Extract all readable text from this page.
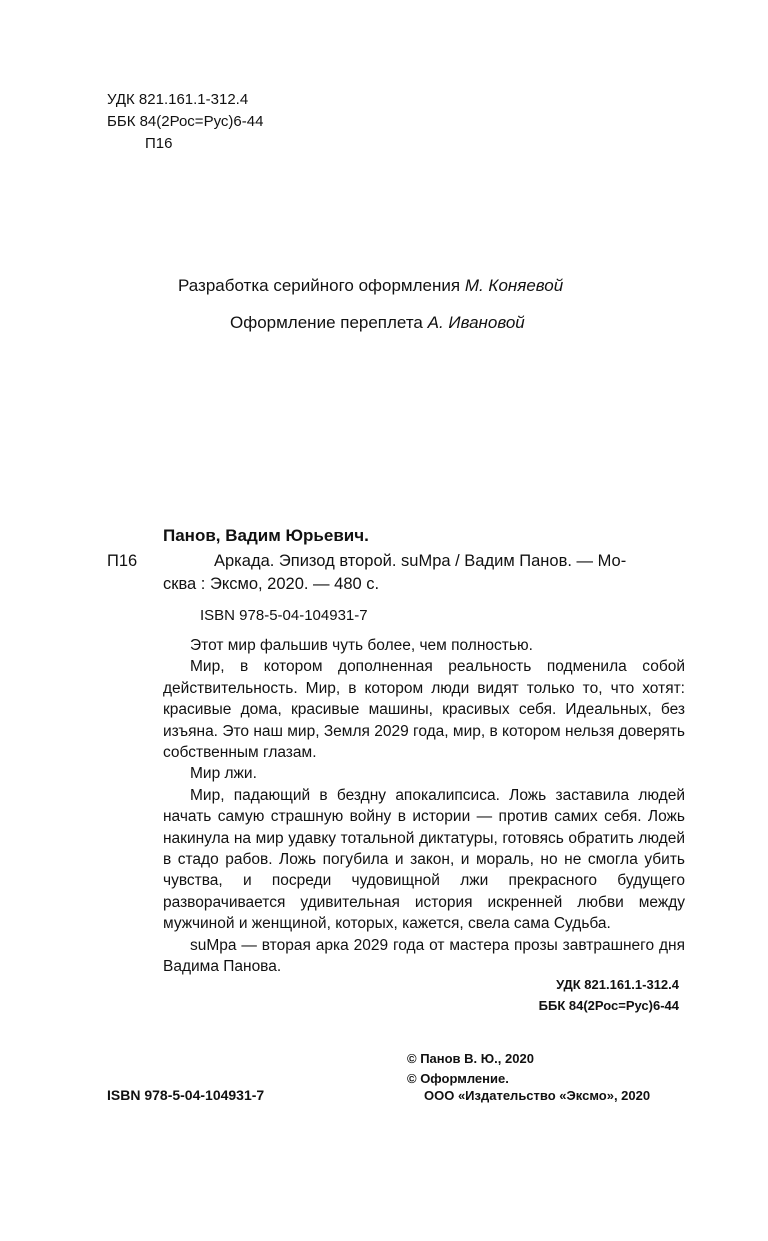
УДК 821.161.1-312.4
ББК 84(2Рос=Рус)6-44
П16
Разработка серийного оформления М. Коняевой
Оформление переплета А. Ивановой
Панов, Вадим Юрьевич.
П16	Аркада. Эпизод второй. suMpa / Вадим Панов. — Мо-
сква : Эксмо, 2020. — 480 с.
ISBN 978-5-04-104931-7

Этот мир фальшив чуть более, чем полностью.

Мир, в котором дополненная реальность подменила собой действительность. Мир, в котором люди видят только то, что хотят: красивые дома, красивые машины, красивых себя. Идеальных, без изъяна. Это наш мир, Земля 2029 года, мир, в котором нельзя доверять собственным глазам.

Мир лжи.

Мир, падающий в бездну апокалипсиса. Ложь заставила людей начать самую страшную войну в истории — против самих себя. Ложь накинула на мир удавку тотальной диктатуры, готовясь обратить людей в стадо рабов. Ложь погубила и закон, и мораль, но не смогла убить чувства, и посреди чудовищной лжи прекрасного будущего разворачивается удивительная история искренней любви между мужчиной и женщиной, которых, кажется, свела сама Судьба.

suMpa — вторая арка 2029 года от мастера прозы завтрашнего дня Вадима Панова.

УДК 821.161.1-312.4
ББК 84(2Рос=Рус)6-44
© Панов В. Ю., 2020
© Оформление.
ISBN 978-5-04-104931-7	ООО «Издательство «Эксмо», 2020
